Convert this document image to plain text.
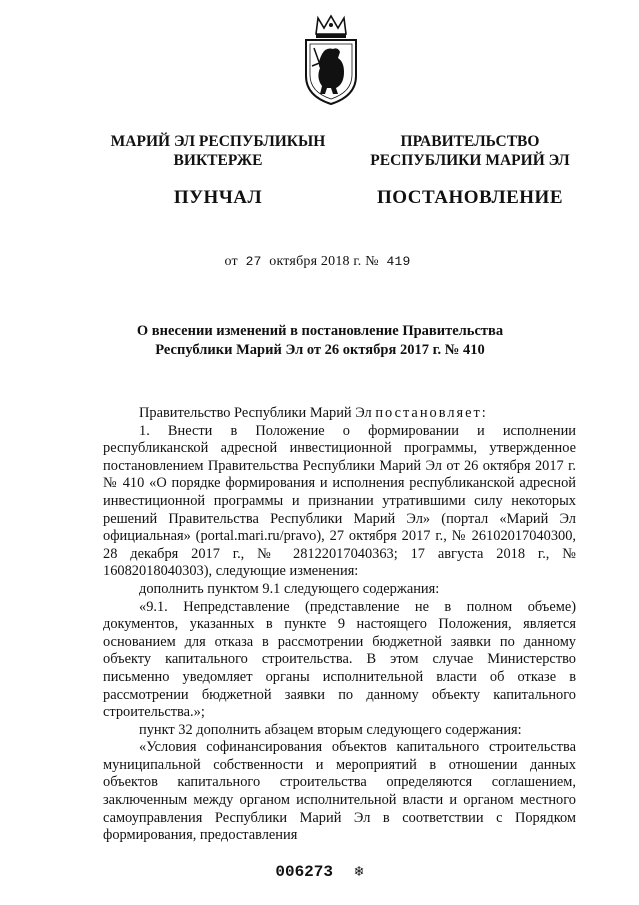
МАРИЙ ЭЛ РЕСПУБЛИКЫН
ВИКТЕРЖЕ
ПУНЧАЛ
ПРАВИТЕЛЬСТВО
РЕСПУБЛИКИ МАРИЙ ЭЛ
ПОСТАНОВЛЕНИЕ
от 27 октября 2018 г. № 419
О внесении изменений в постановление Правительства
Республики Марий Эл от 26 октября 2017 г. № 410

Правительство Республики Марий Эл постановляет:

1. Внести в Положение о формировании и исполнении республиканской адресной инвестиционной программы, утвержденное постановлением Правительства Республики Марий Эл от 26 октября 2017 г. № 410 «О порядке формирования и исполнения республиканской адресной инвестиционной программы и признании утратившими силу некоторых решений Правительства Республики Марий Эл» (портал «Марий Эл официальная» (portal.mari.ru/pravo), 27 октября 2017 г., № 26102017040300, 28 декабря 2017 г., № 28122017040363; 17 августа 2018 г., № 16082018040303), следующие изменения:

дополнить пунктом 9.1 следующего содержания:

«9.1. Непредставление (представление не в полном объеме) документов, указанных в пункте 9 настоящего Положения, является основанием для отказа в рассмотрении бюджетной заявки по данному объекту капитального строительства. В этом случае Министерство письменно уведомляет органы исполнительной власти об отказе в рассмотрении бюджетной заявки по данному объекту капитального строительства.»;

пункт 32 дополнить абзацем вторым следующего содержания:

«Условия софинансирования объектов капитального строительства муниципальной собственности и мероприятий в отношении данных объектов капитального строительства определяются соглашением, заключенным между органом исполнительной власти и органом местного самоуправления Республики Марий Эл в соответствии с Порядком формирования, предоставления

006273 ❄
